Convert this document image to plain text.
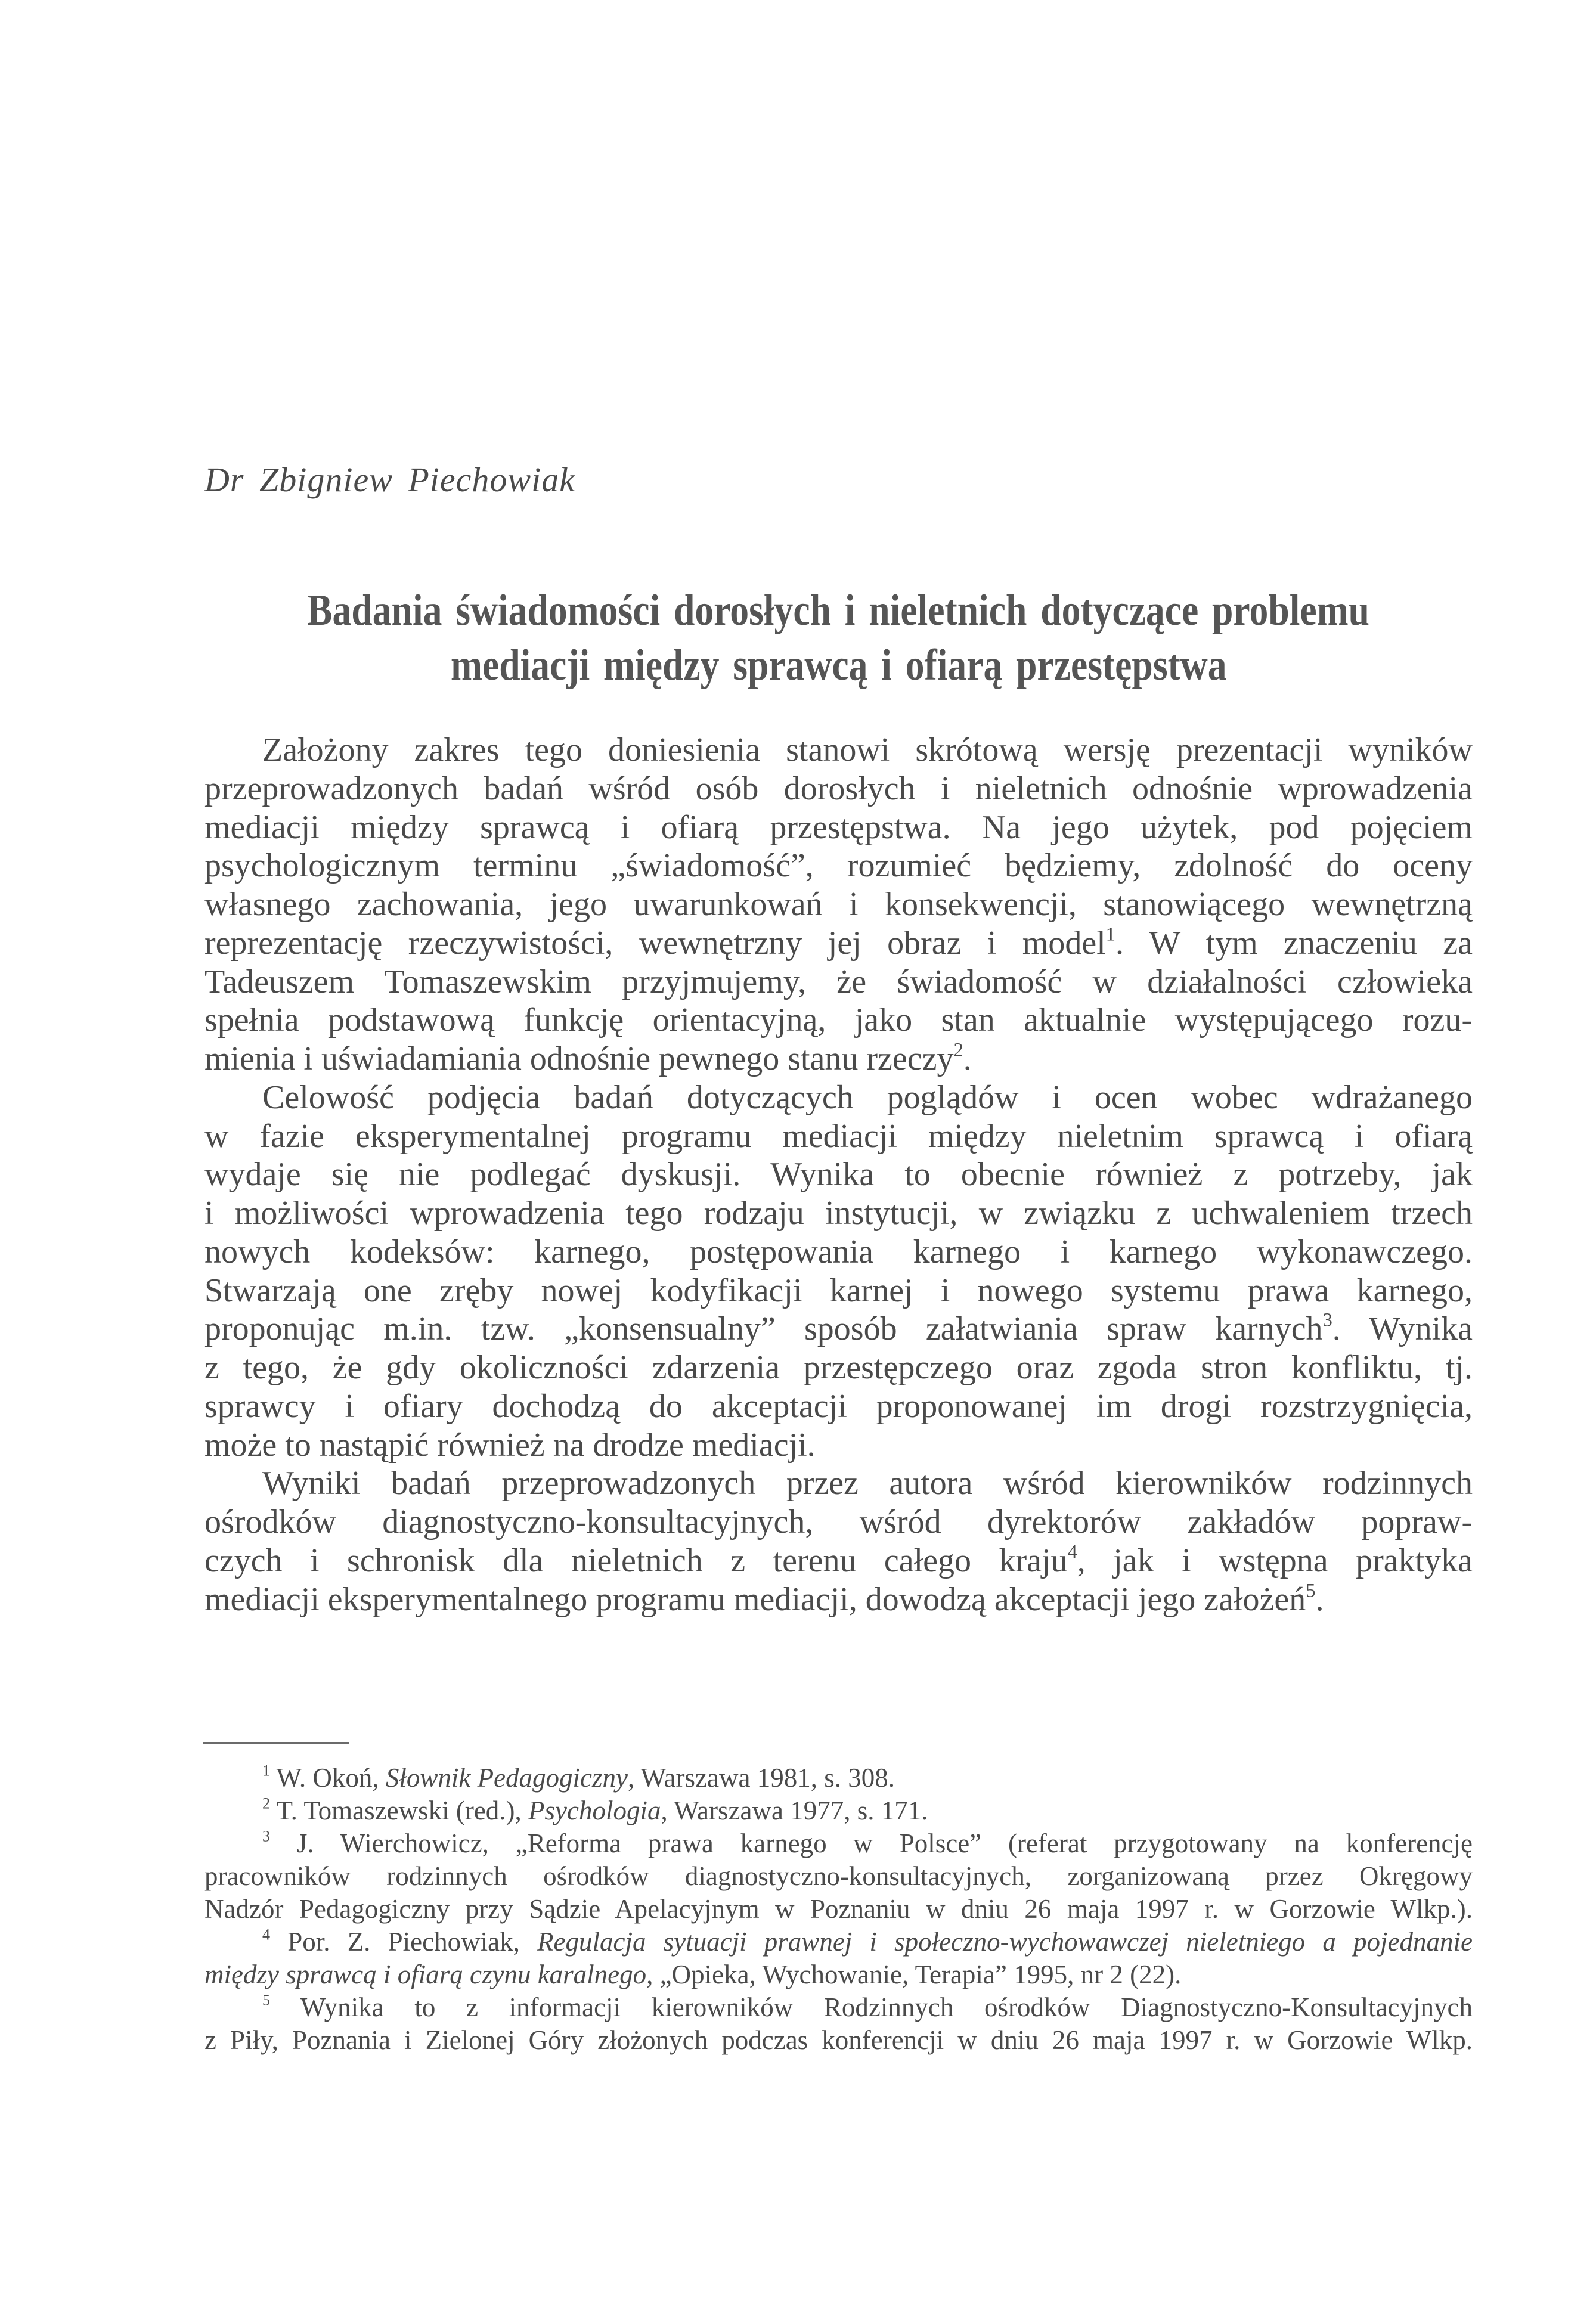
Dr Zbigniew Piechowiak
Badania świadomości dorosłych i nieletnich dotyczące problemu
mediacji między sprawcą i ofiarą przestępstwa
Założony zakres tego doniesienia stanowi skrótową wersję prezentacji wyników
przeprowadzonych badań wśród osób dorosłych i nieletnich odnośnie wprowadzenia
mediacji między sprawcą i ofiarą przestępstwa. Na jego użytek, pod pojęciem
psychologicznym terminu „świadomość”, rozumieć będziemy, zdolność do oceny
własnego zachowania, jego uwarunkowań i konsekwencji, stanowiącego wewnętrzną
reprezentację rzeczywistości, wewnętrzny jej obraz i model$^1$. W tym znaczeniu za
Tadeuszem Tomaszewskim przyjmujemy, że świadomość w działalności człowieka
spełnia podstawową funkcję orientacyjną, jako stan aktualnie występującego rozu-
mienia i uświadamiania odnośnie pewnego stanu rzeczy$^2$.
Celowość podjęcia badań dotyczących poglądów i ocen wobec wdrażanego
w fazie eksperymentalnej programu mediacji między nieletnim sprawcą i ofiarą
wydaje się nie podlegać dyskusji. Wynika to obecnie również z potrzeby, jak
i możliwości wprowadzenia tego rodzaju instytucji, w związku z uchwaleniem trzech
nowych kodeksów: karnego, postępowania karnego i karnego wykonawczego.
Stwarzają one zręby nowej kodyfikacji karnej i nowego systemu prawa karnego,
proponując m.in. tzw. „konsensualny” sposób załatwiania spraw karnych$^3$. Wynika
z tego, że gdy okoliczności zdarzenia przestępczego oraz zgoda stron konfliktu, tj.
sprawcy i ofiary dochodzą do akceptacji proponowanej im drogi rozstrzygnięcia,
może to nastąpić również na drodze mediacji.
Wyniki badań przeprowadzonych przez autora wśród kierowników rodzinnych
ośrodków diagnostyczno-konsultacyjnych, wśród dyrektorów zakładów popraw-
czych i schronisk dla nieletnich z terenu całego kraju$^4$, jak i wstępna praktyka
mediacji eksperymentalnego programu mediacji, dowodzą akceptacji jego założeń$^5$.
$^1$ W. Okoń, Słownik Pedagogiczny, Warszawa 1981, s. 308.
$^2$ T. Tomaszewski (red.), Psychologia, Warszawa 1977, s. 171.
$^3$ J. Wierchowicz, „Reforma prawa karnego w Polsce” (referat przygotowany na konferencję
pracowników rodzinnych ośrodków diagnostyczno-konsultacyjnych, zorganizowaną przez Okręgowy
Nadzór Pedagogiczny przy Sądzie Apelacyjnym w Poznaniu w dniu 26 maja 1997 r. w Gorzowie Wlkp.).
$^4$ Por. Z. Piechowiak, Regulacja sytuacji prawnej i społeczno-wychowawczej nieletniego a pojednanie
między sprawcą i ofiarą czynu karalnego, „Opieka, Wychowanie, Terapia” 1995, nr 2 (22).
$^5$ Wynika to z informacji kierowników Rodzinnych ośrodków Diagnostyczno-Konsultacyjnych
z Piły, Poznania i Zielonej Góry złożonych podczas konferencji w dniu 26 maja 1997 r. w Gorzowie Wlkp.
